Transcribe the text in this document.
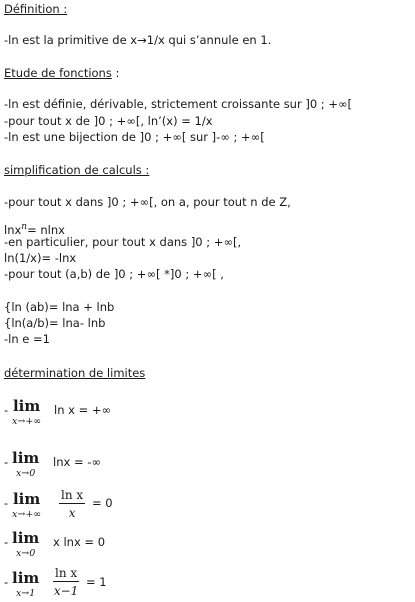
Définition :
-ln est la primitive de x→1/x qui s’annule en 1.
Etude de fonctions :
-ln est définie, dérivable, strictement croissante sur ]0 ; +∞[
-pour tout x de ]0 ; +∞[, ln’(x) = 1/x
-ln est une bijection de ]0 ; +∞[ sur ]-∞ ; +∞[
simplification de calculs :
-pour tout x dans ]0 ; +∞[, on a, pour tout n de Z,
lnx$^n$= nlnx
-en particulier, pour tout x dans ]0 ; +∞[,
ln(1/x)= -lnx
-pour tout (a,b) de ]0 ; +∞[ *]0 ; +∞[ ,
{ln (ab)= lna + lnb
{ln(a/b)= lna- lnb
-ln e =1
détermination de limites
- lim
x→+∞
ln x = +∞
- lim
x→0
lnx = -∞
- lim
$x\to+\infty \frac{\text{ln x}}{x} = 0$
- lim
x→0
x lnx = 0
- lim
$x\to 1 \frac{\text{ln x}}{x-1} = 1$
